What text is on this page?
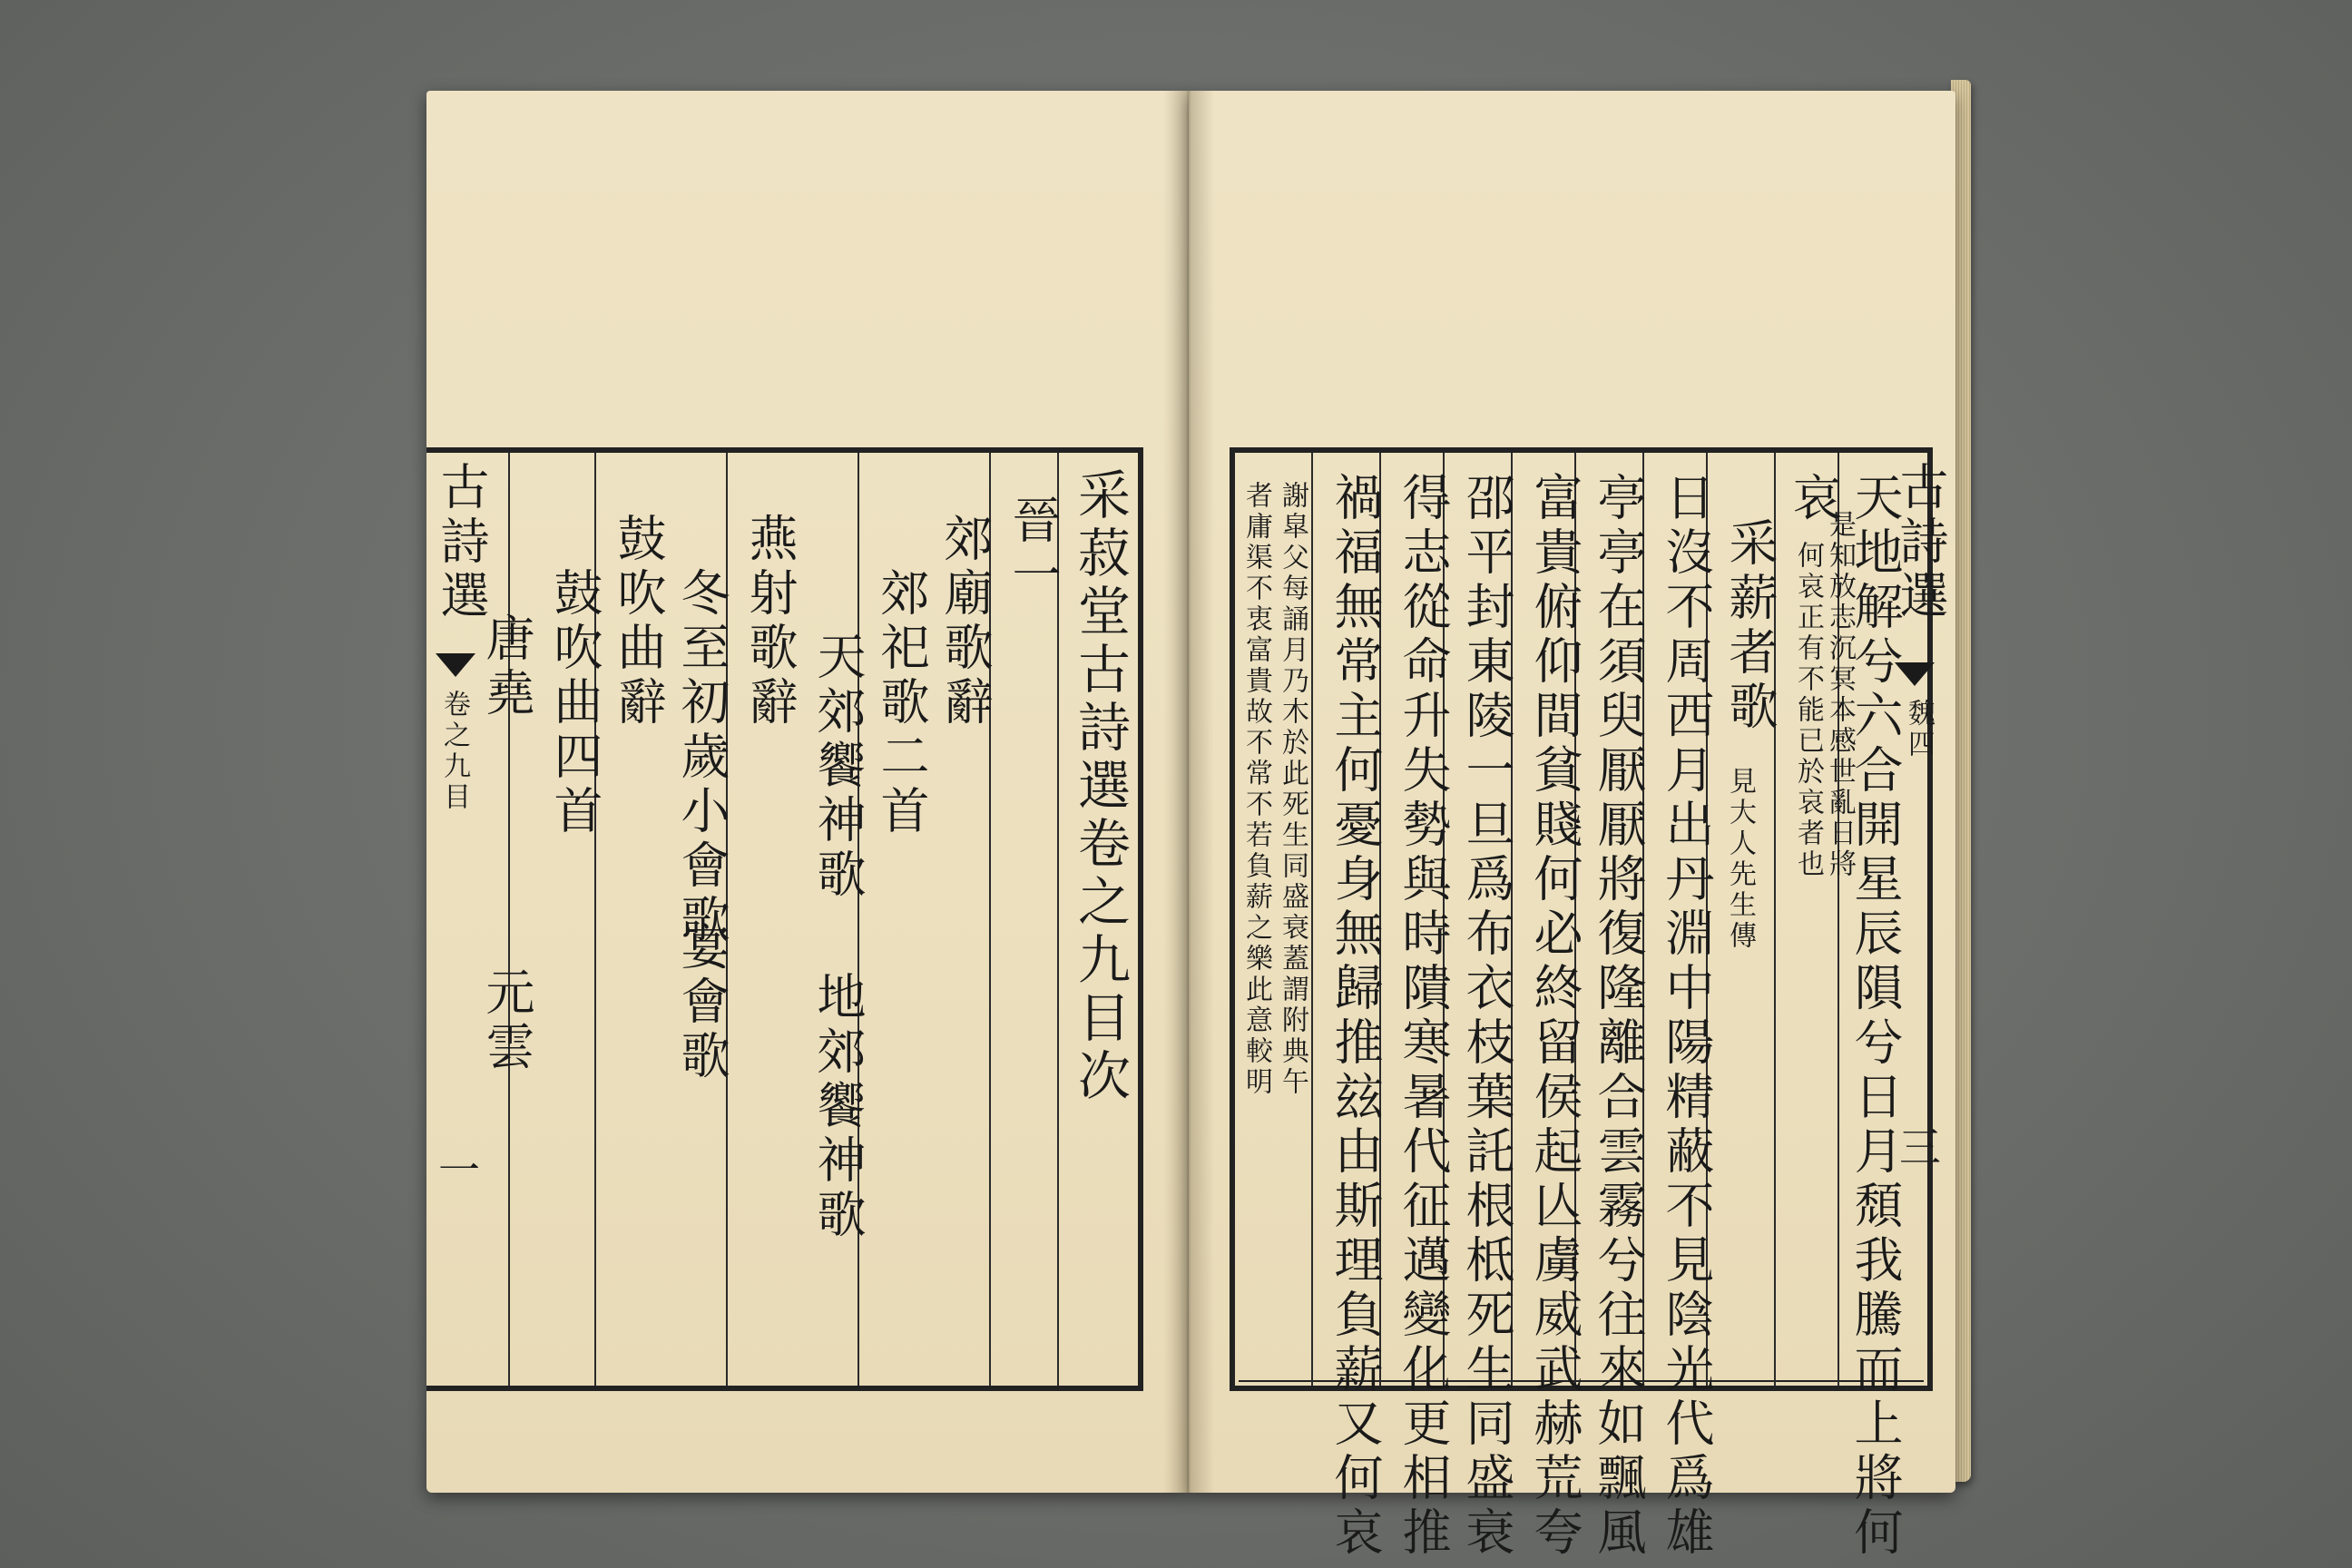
古詩選
卷之九目
一
采菽堂古詩選卷之九目次
晉一
郊廟歌辭
郊祀歌二首
天郊饗神歌
地郊饗神歌
燕射歌辭
冬至初歲小會歌
宴會歌
鼓吹曲辭
鼓吹曲四首
唐堯
元雲
古詩選
魏四
三
天地解兮六合開星辰隕兮日月頹我騰而上將何
哀
是知放志沉冥本感世亂日將
何哀正有不能已於哀者也
采薪者歌
見大人先生傳
日沒不周西月出丹淵中陽精蔽不見陰光代爲雄
亭亭在須臾厭厭將復隆離合雲霧兮往來如飄風
富貴俯仰間貧賤何必終留侯起亾虜威武赫荒夸
邵平封東陵一旦爲布衣枝葉託根柢死生同盛衰
得志從命升失勢與時隤寒暑代征邁變化更相推
禍福無常主何憂身無歸推玆由斯理負薪又何哀
謝皐父每誦月乃木於此死生同盛衰蓋謂附典午
者庸渠不衷富貴故不常不若負薪之樂此意較明
